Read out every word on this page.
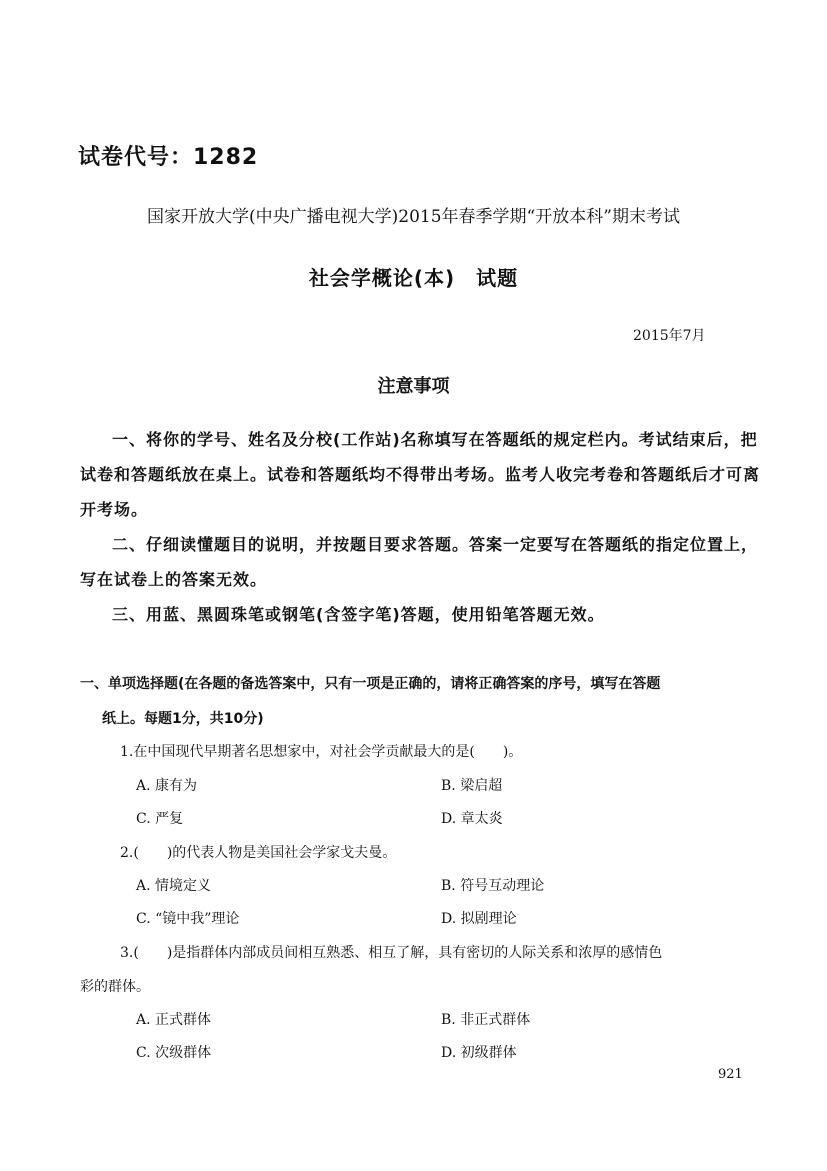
试卷代号：1282
国家开放大学(中央广播电视大学)2015年春季学期“开放本科”期末考试
社会学概论(本)　试题
2015年7月
注意事项
一、将你的学号、姓名及分校(工作站)名称填写在答题纸的规定栏内。考试结束后，把试卷和答题纸放在桌上。试卷和答题纸均不得带出考场。监考人收完考卷和答题纸后才可离开考场。
二、仔细读懂题目的说明，并按题目要求答题。答案一定要写在答题纸的指定位置上，写在试卷上的答案无效。
三、用蓝、黑圆珠笔或钢笔(含签字笔)答题，使用铅笔答题无效。
一、单项选择题(在各题的备选答案中，只有一项是正确的，请将正确答案的序号，填写在答题
纸上。每题1分，共10分)
1.在中国现代早期著名思想家中，对社会学贡献最大的是(　　)。
A. 康有为	B. 梁启超
C. 严复	D. 章太炎
2.(　　)的代表人物是美国社会学家戈夫曼。
A. 情境定义	B. 符号互动理论
C. “镜中我”理论	D. 拟剧理论
3.(　　)是指群体内部成员间相互熟悉、相互了解，具有密切的人际关系和浓厚的感情色
彩的群体。
A. 正式群体	B. 非正式群体
C. 次级群体	D. 初级群体
921
